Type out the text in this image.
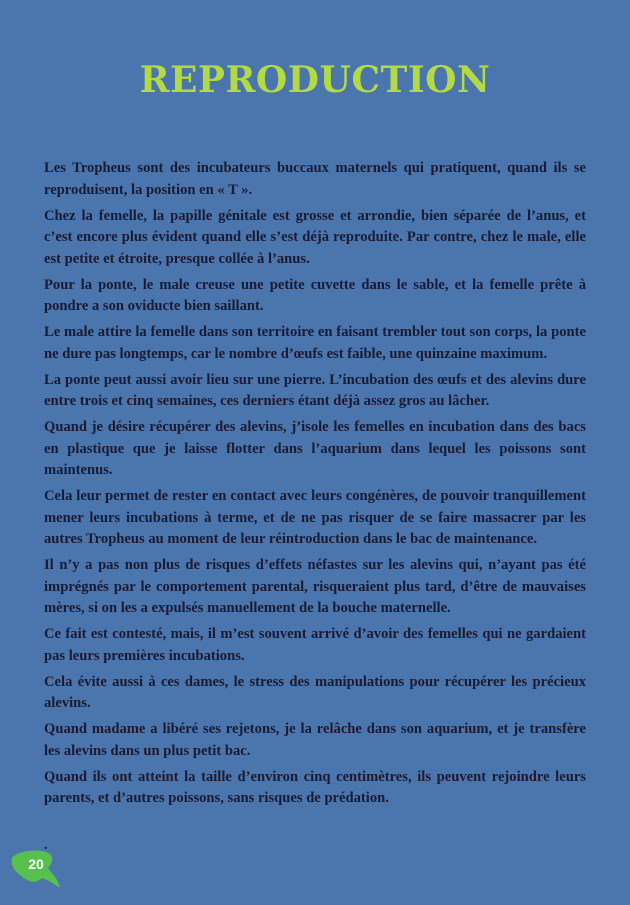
REPRODUCTION

Les Tropheus sont des incubateurs buccaux maternels qui pratiquent, quand ils se reproduisent, la position en « T ».

Chez la femelle, la papille génitale est grosse et arrondie, bien séparée de l’anus, et c’est encore plus évident quand elle s’est déjà reproduite. Par contre, chez le male, elle est petite et étroite, presque collée à l’anus.

Pour la ponte, le male creuse une petite cuvette dans le sable, et la femelle prête à pondre a son oviducte bien saillant.

Le male attire la femelle dans son territoire en faisant trembler tout son corps, la ponte ne dure pas longtemps, car le nombre d’œufs est faible, une quinzaine maximum.

La ponte peut aussi avoir lieu sur une pierre. L’incubation des œufs et des alevins dure entre trois et cinq semaines, ces derniers étant déjà assez gros au lâcher.

Quand je désire récupérer des alevins, j’isole les femelles en incubation dans des bacs en plastique que je laisse flotter dans l’aquarium dans lequel les poissons sont maintenus.

Cela leur permet de rester en contact avec leurs congénères, de pouvoir tranquillement mener leurs incubations à terme, et de ne pas risquer de se faire massacrer par les autres Tropheus au moment de leur réintroduction dans le bac de maintenance.

Il n’y a pas non plus de risques d’effets néfastes sur les alevins qui, n’ayant pas été imprégnés par le comportement parental, risqueraient plus tard, d’être de mauvaises mères, si on les a expulsés manuellement de la bouche maternelle.

Ce fait est contesté, mais, il m’est souvent arrivé d’avoir des femelles qui ne gardaient pas leurs premières incubations.

Cela évite aussi à ces dames, le stress des manipulations pour récupérer les précieux alevins.

Quand madame a libéré ses rejetons, je la relâche dans son aquarium, et je transfère les alevins dans un plus petit bac.

Quand ils ont atteint la taille d’environ cinq centimètres, ils peuvent rejoindre leurs parents, et d’autres poissons, sans risques de prédation.

.
20
